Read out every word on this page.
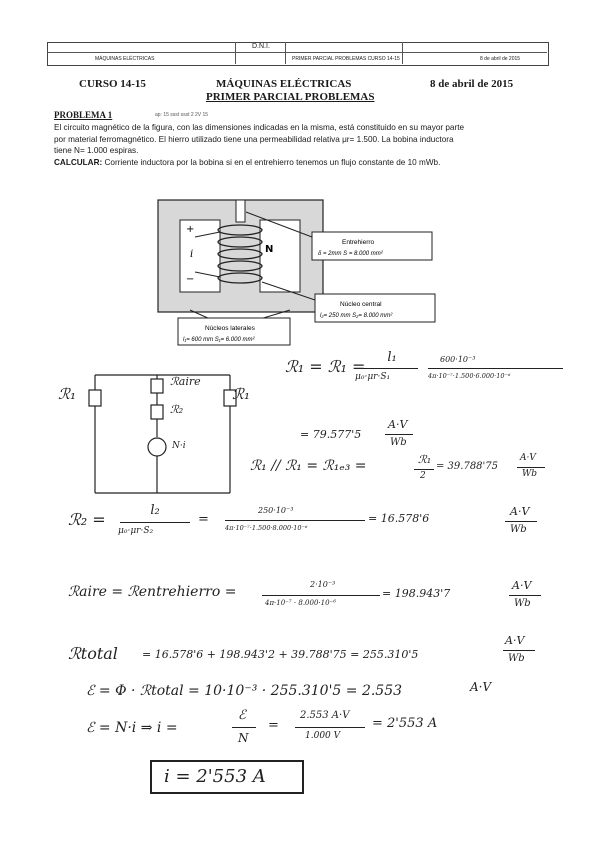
MÁQUINAS ELÉCTRICAS
D.N.I.
PRIMER PARCIAL PROBLEMAS CURSO 14-15	8 de abril de 2015
CURSO 14-15	MÁQUINAS ELÉCTRICAS
PRIMER PARCIAL PROBLEMAS
8 de abril de 2015
PROBLEMA 1	ap: 15 ssst ssst 2 2V 15
El circuito magnético de la figura, con las dimensiones indicadas en la misma, está constituido en su mayor parte
por material ferromagnético. El hierro utilizado tiene una permeabilidad relativa μr= 1.500. La bobina inductora
tiene N= 1.000 espiras.
CALCULAR: Corriente inductora por la bobina si en el entrehierro tenemos un flujo constante de 10 mWb.
+
−
i	N
Entrehierro
δ = 2mm S = 8.000 mm²
Núcleo central
l₂= 250 mm S₂= 8.000 mm²
Núcleos laterales
l₁= 600 mm S₁= 6.000 mm²
ℛ₁	ℛ₁
ℛaire
ℛ₂
N·i
ℛ₁ = ℛ₁ =	l₁
μ₀·μr·S₁
600·10⁻³
4π·10⁻⁷·1.500·6.000·10⁻⁶
= 79.577'5
A·V
Wb
ℛ₁ // ℛ₁ = ℛ₁ₑ₃ =	ℛ₁
2
= 39.788'75
A·V
Wb
ℛ₂ =	l₂
μ₀·μr·S₂
=
250·10⁻³
4π·10⁻⁷·1.500·8.000·10⁻⁶
= 16.578'6
A·V
Wb
ℛaire = ℛentrehierro =	2·10⁻³
4π·10⁻⁷ · 8.000·10⁻⁶
= 198.943'7
A·V
Wb
ℛtotal = 16.578'6 + 198.943'2 + 39.788'75 = 255.310'5
A·V
Wb
ℰ = Φ · ℛtotal = 10·10⁻³ · 255.310'5 = 2.553	A·V
ℰ = N·i ⇒ i =
ℰ
N
=
2.553 A·V
1.000 V
= 2'553 A
i = 2'553 A
